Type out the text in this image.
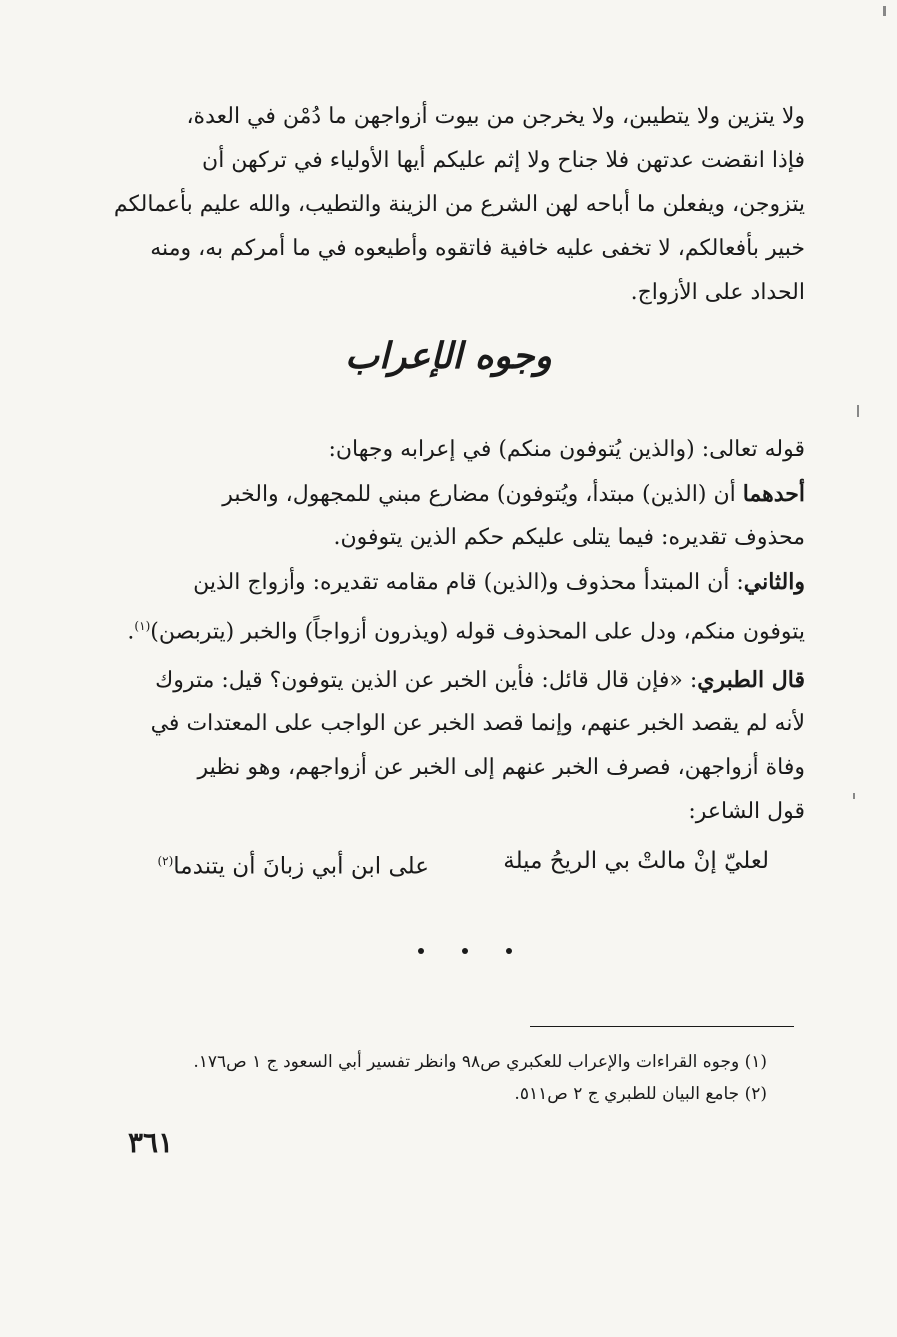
ولا يتزين ولا يتطيبن، ولا يخرجن من بيوت أزواجهن ما دُمْن في العدة،
فإذا انقضت عدتهن فلا جناح ولا إثم عليكم أيها الأولياء في تركهن أن
يتزوجن، ويفعلن ما أباحه لهن الشرع من الزينة والتطيب، والله عليم بأعمالكم
خبير بأفعالكم، لا تخفى عليه خافية فاتقوه وأطيعوه في ما أمركم به، ومنه
الحداد على الأزواج.
وجوه الإعراب
قوله تعالى: (والذين يُتوفون منكم) في إعرابه وجهان:
أحدهما أن (الذين) مبتدأ، ويُتوفون) مضارع مبني للمجهول، والخبر
محذوف تقديره: فيما يتلى عليكم حكم الذين يتوفون.
والثاني: أن المبتدأ محذوف و(الذين) قام مقامه تقديره: وأزواج الذين
يتوفون منكم، ودل على المحذوف قوله (ويذرون أزواجاً) والخبر (يتربصن)$^{(١)}$.
قال الطبري: «فإن قال قائل: فأين الخبر عن الذين يتوفون؟ قيل: متروك
لأنه لم يقصد الخبر عنهم، وإنما قصد الخبر عن الواجب على المعتدات في
وفاة أزواجهن، فصرف الخبر عنهم إلى الخبر عن أزواجهم، وهو نظير
قول الشاعر:
لعليّ إنْ مالتْ بي الريحُ ميلة
على ابن أبي زبانَ أن يتندما$^{(٢)}$
(١) وجوه القراءات والإعراب للعكبري ص٩٨ وانظر تفسير أبي السعود ج ١ ص١٧٦.
(٢) جامع البيان للطبري ج ٢ ص٥١١.
٣٦١
